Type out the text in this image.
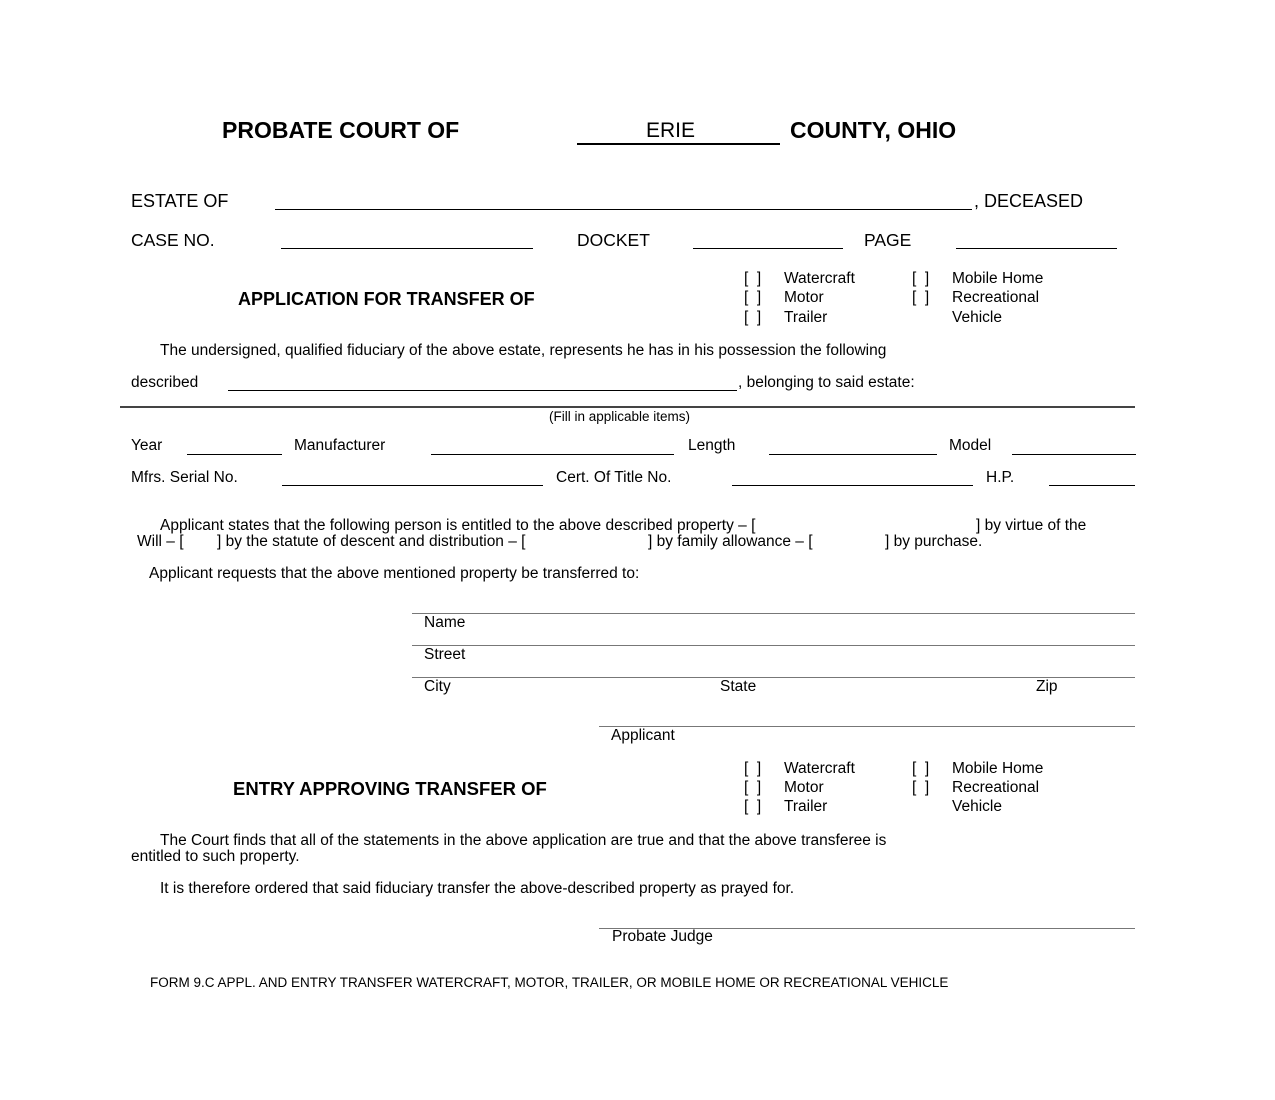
PROBATE COURT OF	ERIE	COUNTY, OHIO
ESTATE OF	, DECEASED
CASE NO.	DOCKET	PAGE
APPLICATION FOR TRANSFER OF
[  ] Watercraft
[  ] Motor
[  ] Trailer
[  ] Mobile Home
[  ] Recreational
Vehicle
The undersigned, qualified fiduciary of the above estate, represents he has in his possession the following
described	, belonging to said estate:
(Fill in applicable items)
Year	Manufacturer	Length	Model
Mfrs. Serial No.	Cert. Of Title No.	H.P.
Applicant states that the following person is entitled to the above described property – [	] by virtue of the
Will – [ ] by the statute of descent and distribution – [	] by family allowance – [	] by purchase.
Applicant requests that the above mentioned property be transferred to:
Name
Street
City	State	Zip
Applicant
ENTRY APPROVING TRANSFER OF
[  ] Watercraft
[  ] Motor
[  ] Trailer
[  ] Mobile Home
[  ] Recreational
Vehicle
The Court finds that all of the statements in the above application are true and that the above transferee is
entitled to such property.
It is therefore ordered that said fiduciary transfer the above-described property as prayed for.
Probate Judge
FORM 9.C APPL. AND ENTRY TRANSFER WATERCRAFT, MOTOR, TRAILER, OR MOBILE HOME OR RECREATIONAL VEHICLE
